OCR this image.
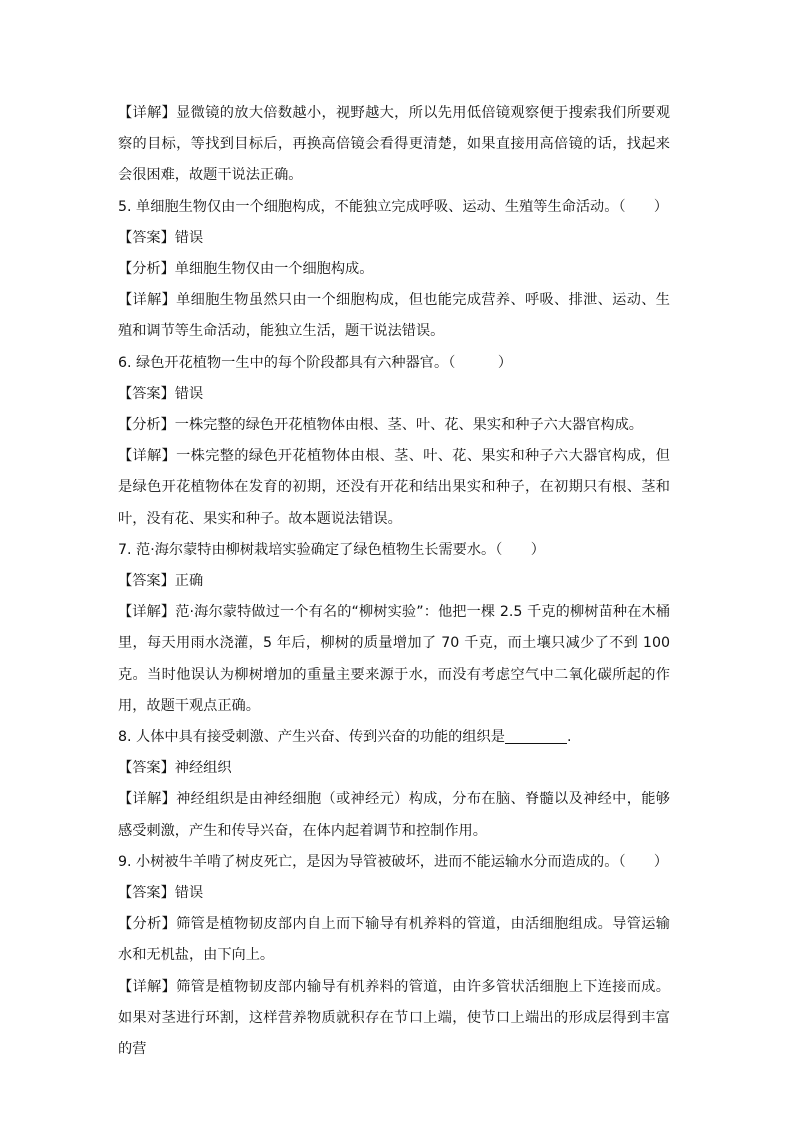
【详解】显微镜的放大倍数越小，视野越大，所以先用低倍镜观察便于搜索我们所要观察的目标，等找到目标后，再换高倍镜会看得更清楚，如果直接用高倍镜的话，找起来会很困难，故题干说法正确。

5. 单细胞生物仅由一个细胞构成，不能独立完成呼吸、运动、生殖等生命活动。（　　）

【答案】错误

【分析】单细胞生物仅由一个细胞构成。

【详解】单细胞生物虽然只由一个细胞构成，但也能完成营养、呼吸、排泄、运动、生殖和调节等生命活动，能独立生活，题干说法错误。

6. 绿色开花植物一生中的每个阶段都具有六种器官。（　　　）

【答案】错误

【分析】一株完整的绿色开花植物体由根、茎、叶、花、果实和种子六大器官构成。

【详解】一株完整的绿色开花植物体由根、茎、叶、花、果实和种子六大器官构成，但是绿色开花植物体在发育的初期，还没有开花和结出果实和种子，在初期只有根、茎和叶，没有花、果实和种子。故本题说法错误。

7. 范·海尔蒙特由柳树栽培实验确定了绿色植物生长需要水。（　　）

【答案】正确

【详解】范·海尔蒙特做过一个有名的“柳树实验”：他把一棵 2.5 千克的柳树苗种在木桶里，每天用雨水浇灌，5 年后，柳树的质量增加了 70 千克，而土壤只减少了不到 100 克。当时他误认为柳树增加的重量主要来源于水，而没有考虑空气中二氧化碳所起的作用，故题干观点正确。

8. 人体中具有接受刺激、产生兴奋、传到兴奋的功能的组织是	.

【答案】神经组织

【详解】神经组织是由神经细胞（或神经元）构成，分布在脑、脊髓以及神经中，能够感受刺激，产生和传导兴奋，在体内起着调节和控制作用。

9. 小树被牛羊啃了树皮死亡，是因为导管被破坏，进而不能运输水分而造成的。（　　）

【答案】错误

【分析】筛管是植物韧皮部内自上而下输导有机养料的管道，由活细胞组成。导管运输水和无机盐，由下向上。

【详解】筛管是植物韧皮部内输导有机养料的管道，由许多管状活细胞上下连接而成。如果对茎进行环割，这样营养物质就积存在节口上端，使节口上端出的形成层得到丰富的营
